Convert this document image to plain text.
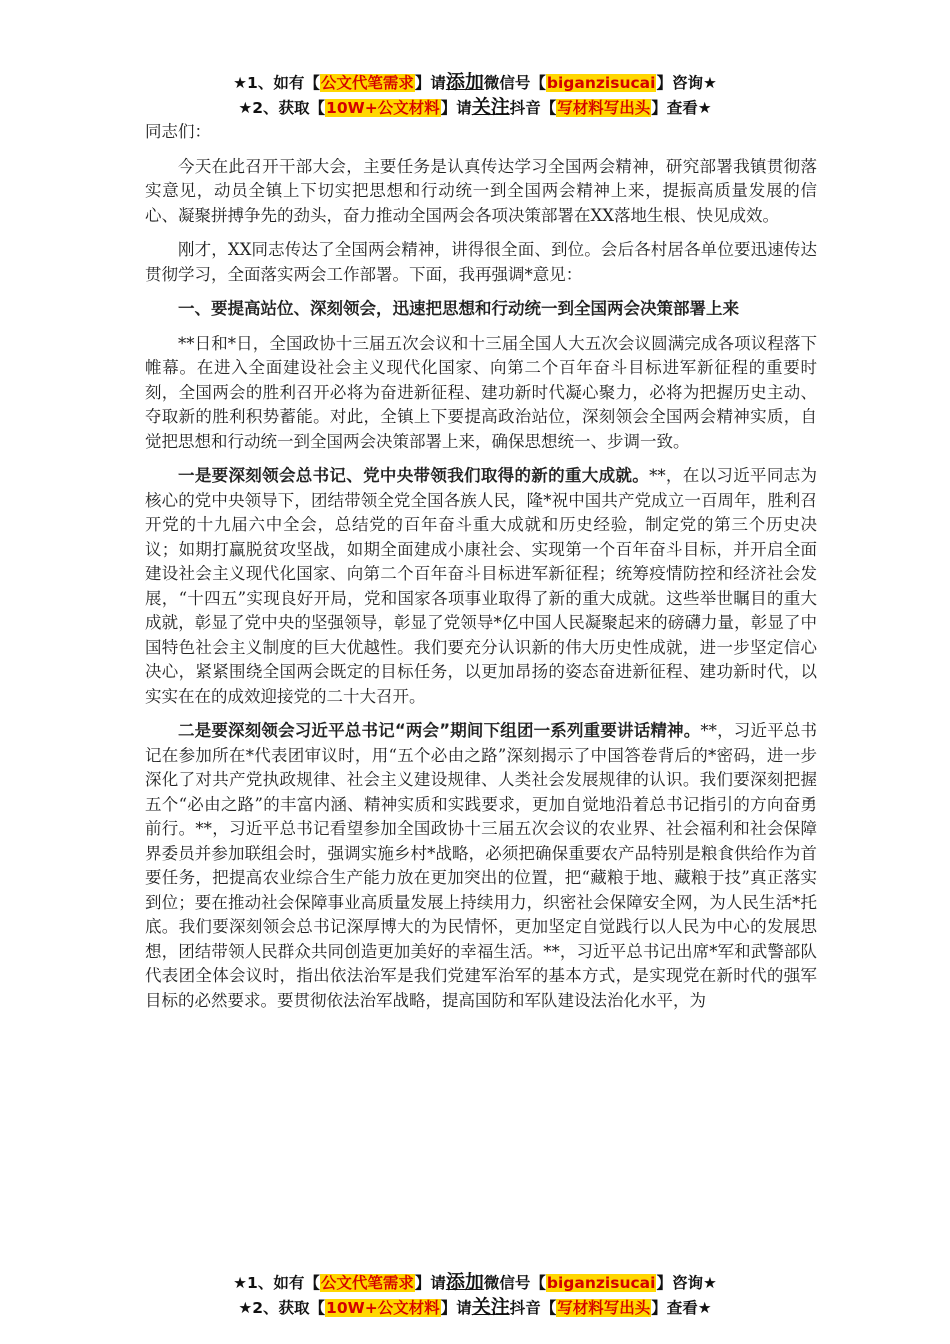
★1、如有【公文代笔需求】请添加微信号【biganzisucai】咨询★
★2、获取【10W+公文材料】请关注抖音【写材料写出头】查看★

同志们：

今天在此召开干部大会，主要任务是认真传达学习全国两会精神，研究部署我镇贯彻落实意见，动员全镇上下切实把思想和行动统一到全国两会精神上来，提振高质量发展的信心、凝聚拼搏争先的劲头，奋力推动全国两会各项决策部署在XX落地生根、快见成效。

刚才，XX同志传达了全国两会精神，讲得很全面、到位。会后各村居各单位要迅速传达贯彻学习，全面落实两会工作部署。下面，我再强调*意见：

一、要提高站位、深刻领会，迅速把思想和行动统一到全国两会决策部署上来

**日和*日，全国政协十三届五次会议和十三届全国人大五次会议圆满完成各项议程落下帷幕。在进入全面建设社会主义现代化国家、向第二个百年奋斗目标进军新征程的重要时刻，全国两会的胜利召开必将为奋进新征程、建功新时代凝心聚力，必将为把握历史主动、夺取新的胜利积势蓄能。对此，全镇上下要提高政治站位，深刻领会全国两会精神实质，自觉把思想和行动统一到全国两会决策部署上来，确保思想统一、步调一致。

一是要深刻领会总书记、党中央带领我们取得的新的重大成就。**，在以习近平同志为核心的党中央领导下，团结带领全党全国各族人民，隆*祝中国共产党成立一百周年，胜利召开党的十九届六中全会，总结党的百年奋斗重大成就和历史经验，制定党的第三个历史决议；如期打赢脱贫攻坚战，如期全面建成小康社会、实现第一个百年奋斗目标，并开启全面建设社会主义现代化国家、向第二个百年奋斗目标进军新征程；统筹疫情防控和经济社会发展，“十四五”实现良好开局，党和国家各项事业取得了新的重大成就。这些举世瞩目的重大成就，彰显了党中央的坚强领导，彰显了党领导*亿中国人民凝聚起来的磅礴力量，彰显了中国特色社会主义制度的巨大优越性。我们要充分认识新的伟大历史性成就，进一步坚定信心决心，紧紧围绕全国两会既定的目标任务，以更加昂扬的姿态奋进新征程、建功新时代，以实实在在的成效迎接党的二十大召开。

二是要深刻领会习近平总书记“两会”期间下组团一系列重要讲话精神。**，习近平总书记在参加所在*代表团审议时，用“五个必由之路”深刻揭示了中国答卷背后的*密码，进一步深化了对共产党执政规律、社会主义建设规律、人类社会发展规律的认识。我们要深刻把握五个“必由之路”的丰富内涵、精神实质和实践要求，更加自觉地沿着总书记指引的方向奋勇前行。**，习近平总书记看望参加全国政协十三届五次会议的农业界、社会福利和社会保障界委员并参加联组会时，强调实施乡村*战略，必须把确保重要农产品特别是粮食供给作为首要任务，把提高农业综合生产能力放在更加突出的位置，把“藏粮于地、藏粮于技”真正落实到位；要在推动社会保障事业高质量发展上持续用力，织密社会保障安全网，为人民生活*托底。我们要深刻领会总书记深厚博大的为民情怀，更加坚定自觉践行以人民为中心的发展思想，团结带领人民群众共同创造更加美好的幸福生活。**，习近平总书记出席*军和武警部队代表团全体会议时，指出依法治军是我们党建军治军的基本方式，是实现党在新时代的强军目标的必然要求。要贯彻依法治军战略，提高国防和军队建设法治化水平，为

★1、如有【公文代笔需求】请添加微信号【biganzisucai】咨询★
★2、获取【10W+公文材料】请关注抖音【写材料写出头】查看★
